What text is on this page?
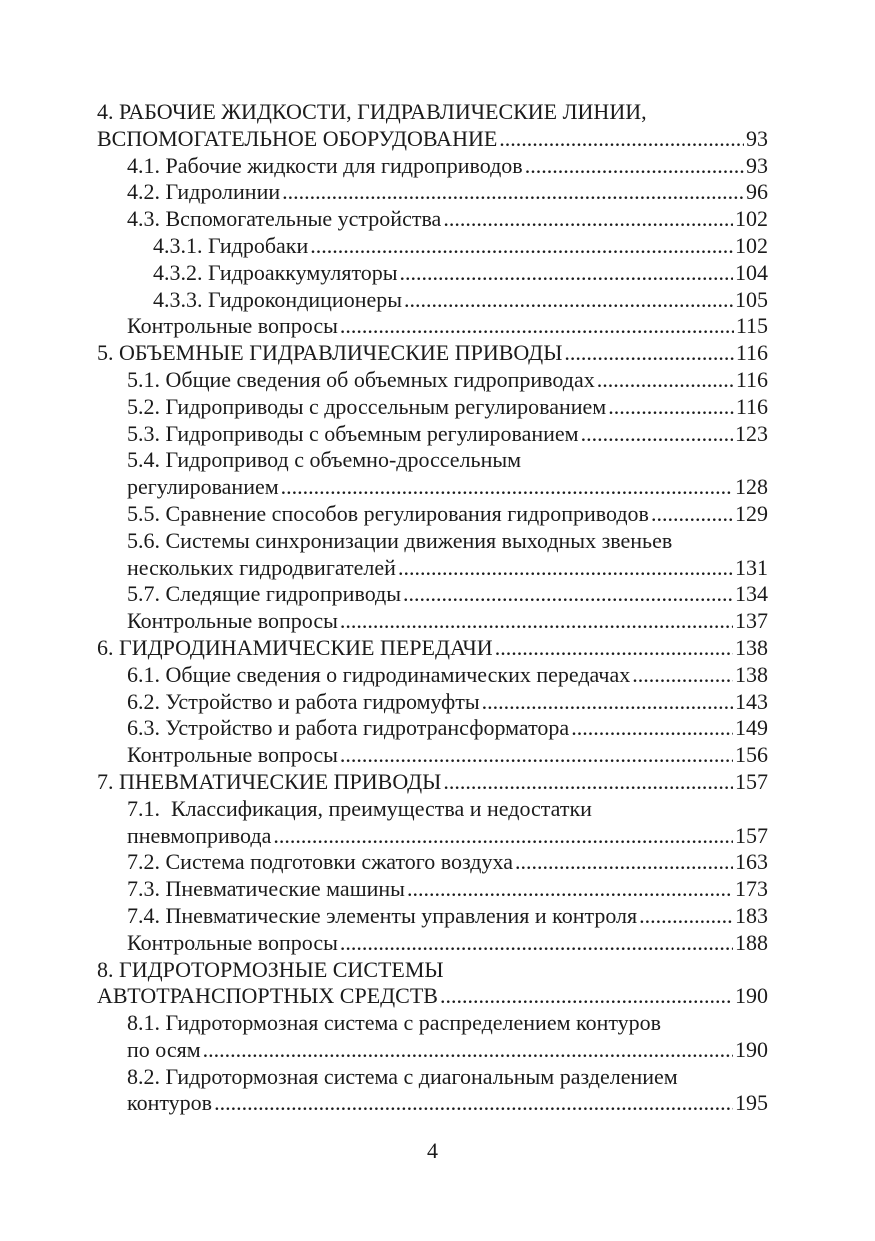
4. РАБОЧИЕ ЖИДКОСТИ, ГИДРАВЛИЧЕСКИЕ ЛИНИИ,
ВСПОМОГАТЕЛЬНОЕ ОБОРУДОВАНИЕ .....	93
4.1. Рабочие жидкости для гидроприводов .....	93
4.2. Гидролинии .....	96
4.3. Вспомогательные устройства .....	102
4.3.1. Гидробаки .....	102
4.3.2. Гидроаккумуляторы .....	104
4.3.3. Гидрокондиционеры .....	105
Контрольные вопросы .....	115
5. ОБЪЕМНЫЕ ГИДРАВЛИЧЕСКИЕ ПРИВОДЫ .....	116
5.1. Общие сведения об объемных гидроприводах .....	116
5.2. Гидроприводы с дроссельным регулированием .....	116
5.3. Гидроприводы с объемным регулированием .....	123
5.4. Гидропривод с объемно-дроссельным
регулированием .....	128
5.5. Сравнение способов регулирования гидроприводов .....	129
5.6. Системы синхронизации движения выходных звеньев
нескольких гидродвигателей .....	131
5.7. Следящие гидроприводы .....	134
Контрольные вопросы .....	137
6. ГИДРОДИНАМИЧЕСКИЕ ПЕРЕДАЧИ .....	138
6.1. Общие сведения о гидродинамических передачах .....	138
6.2. Устройство и работа гидромуфты .....	143
6.3. Устройство и работа гидротрансформатора .....	149
Контрольные вопросы .....	156
7. ПНЕВМАТИЧЕСКИЕ ПРИВОДЫ .....	157
7.1.  Классификация, преимущества и недостатки
пневмопривода .....	157
7.2. Система подготовки сжатого воздуха .....	163
7.3. Пневматические машины .....	173
7.4. Пневматические элементы управления и контроля .....	183
Контрольные вопросы .....	188
8. ГИДРОТОРМОЗНЫЕ СИСТЕМЫ
АВТОТРАНСПОРТНЫХ СРЕДСТВ .....	190
8.1. Гидротормозная система с распределением контуров
по осям .....	190
8.2. Гидротормозная система с диагональным разделением
контуров .....	195
4
